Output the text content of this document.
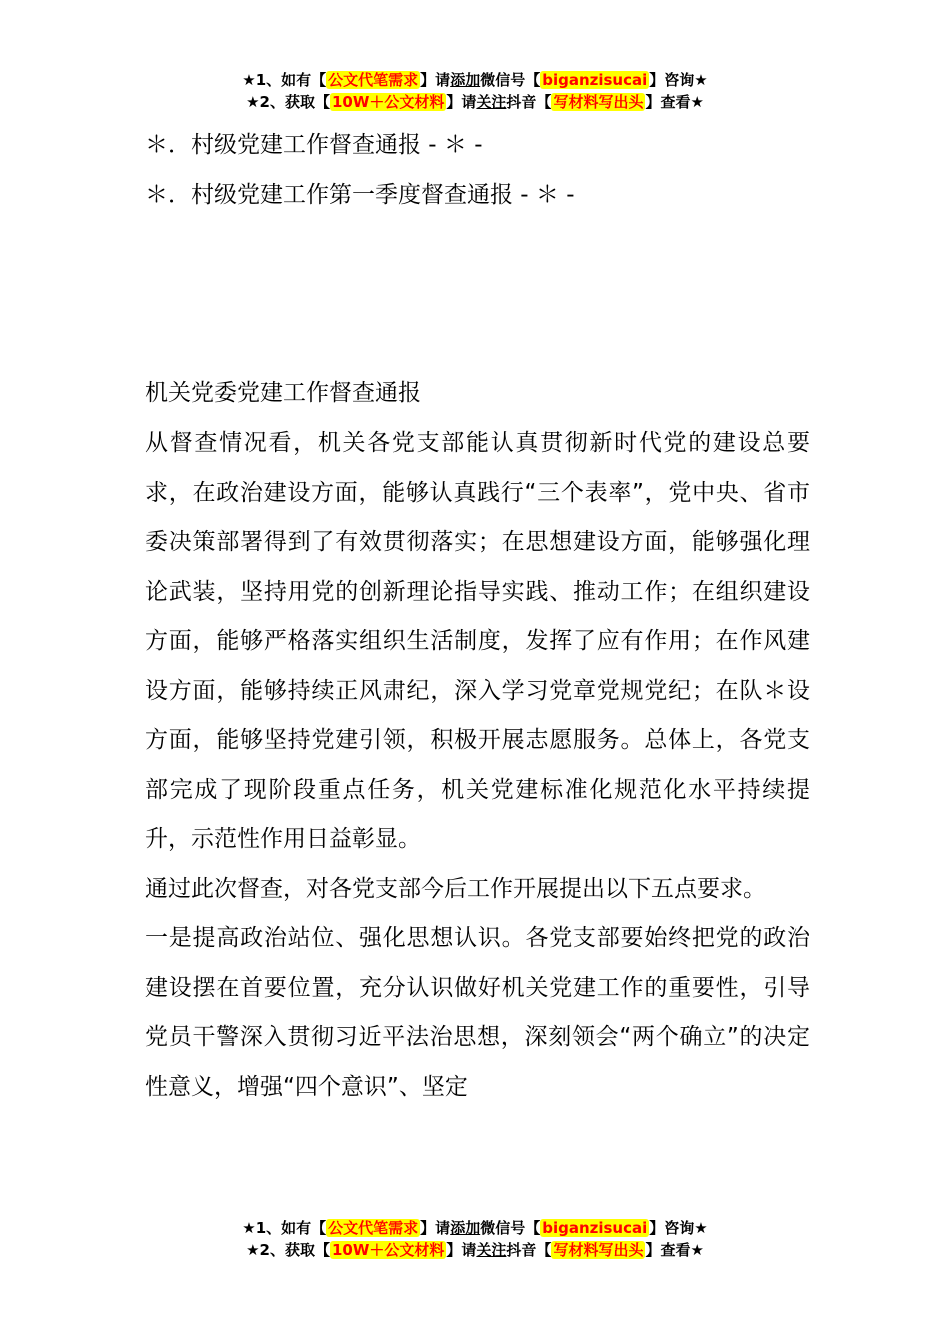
★1、如有【 公文代笔需求 】请添加微信号【 biganzisucai 】咨询★
★2、获取【 10W＋公文材料 】请关注抖音【 写材料写出头 】查看★
＊．村级党建工作督查通报 - ＊ -
＊．村级党建工作第一季度督查通报 - ＊ -
机关党委党建工作督查通报

从督查情况看，机关各党支部能认真贯彻新时代党的建设总要求，在政治建设方面，能够认真践行“三个表率”，党中央、省市委决策部署得到了有效贯彻落实；在思想建设方面，能够强化理论武装，坚持用党的创新理论指导实践、推动工作；在组织建设方面，能够严格落实组织生活制度，发挥了应有作用；在作风建设方面，能够持续正风肃纪，深入学习党章党规党纪；在队＊设方面，能够坚持党建引领，积极开展志愿服务。总体上，各党支部完成了现阶段重点任务，机关党建标准化规范化水平持续提升，示范性作用日益彰显。

通过此次督查，对各党支部今后工作开展提出以下五点要求。

一是提高政治站位、强化思想认识。各党支部要始终把党的政治建设摆在首要位置，充分认识做好机关党建工作的重要性，引导党员干警深入贯彻习近平法治思想，深刻领会“两个确立”的决定性意义，增强“四个意识”、坚定

★1、如有【 公文代笔需求 】请添加微信号【 biganzisucai 】咨询★
★2、获取【 10W＋公文材料 】请关注抖音【 写材料写出头 】查看★
